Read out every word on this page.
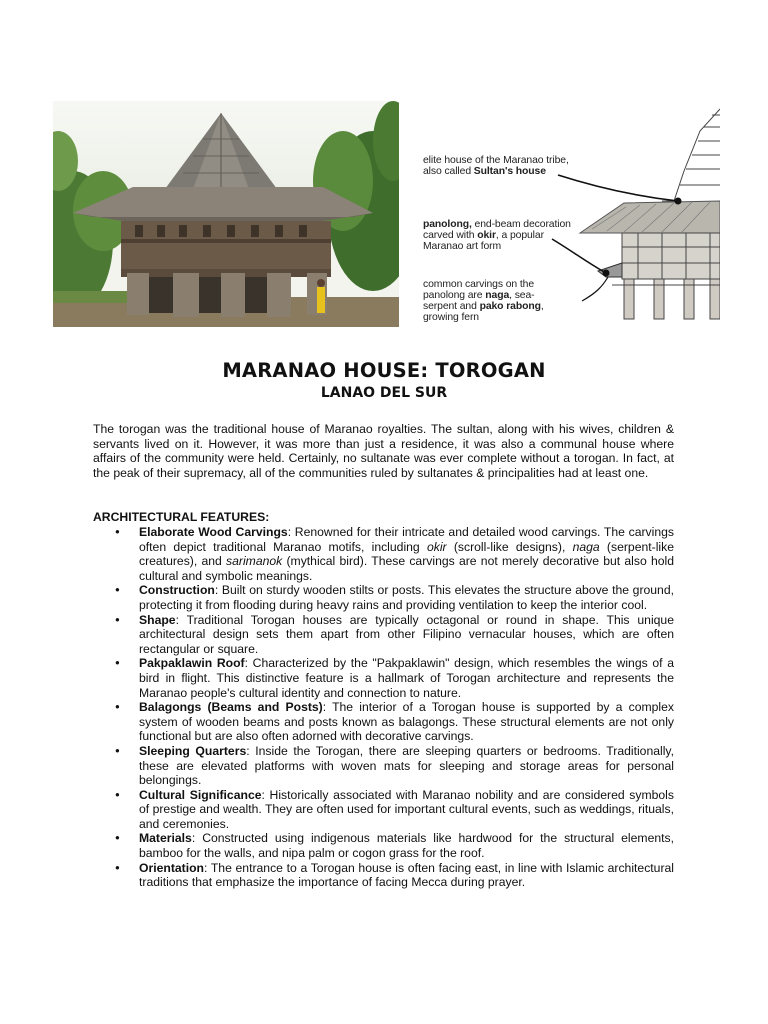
elite house of the Maranao tribe, also called Sultan's house
panolong, end-beam decoration carved with okir, a popular Maranao art form
common carvings on the panolong are naga, sea-serpent and pako rabong, growing fern
MARANAO HOUSE: TOROGAN
LANAO DEL SUR

The torogan was the traditional house of Maranao royalties. The sultan, along with his wives, children & servants lived on it. However, it was more than just a residence, it was also a communal house where affairs of the community were held. Certainly, no sultanate was ever complete without a torogan. In fact, at the peak of their supremacy, all of the communities ruled by sultanates & principalities had at least one.

ARCHITECTURAL FEATURES:

● Elaborate Wood Carvings: Renowned for their intricate and detailed wood carvings. The carvings often depict traditional Maranao motifs, including okir (scroll-like designs), naga (serpent-like creatures), and sarimanok (mythical bird). These carvings are not merely decorative but also hold cultural and symbolic meanings.
● Construction: Built on sturdy wooden stilts or posts. This elevates the structure above the ground, protecting it from flooding during heavy rains and providing ventilation to keep the interior cool.
● Shape: Traditional Torogan houses are typically octagonal or round in shape. This unique architectural design sets them apart from other Filipino vernacular houses, which are often rectangular or square.
● Pakpaklawin Roof: Characterized by the "Pakpaklawin" design, which resembles the wings of a bird in flight. This distinctive feature is a hallmark of Torogan architecture and represents the Maranao people's cultural identity and connection to nature.
● Balagongs (Beams and Posts): The interior of a Torogan house is supported by a complex system of wooden beams and posts known as balagongs. These structural elements are not only functional but are also often adorned with decorative carvings.
● Sleeping Quarters: Inside the Torogan, there are sleeping quarters or bedrooms. Traditionally, these are elevated platforms with woven mats for sleeping and storage areas for personal belongings.
● Cultural Significance: Historically associated with Maranao nobility and are considered symbols of prestige and wealth. They are often used for important cultural events, such as weddings, rituals, and ceremonies.
● Materials: Constructed using indigenous materials like hardwood for the structural elements, bamboo for the walls, and nipa palm or cogon grass for the roof.
● Orientation: The entrance to a Torogan house is often facing east, in line with Islamic architectural traditions that emphasize the importance of facing Mecca during prayer.
